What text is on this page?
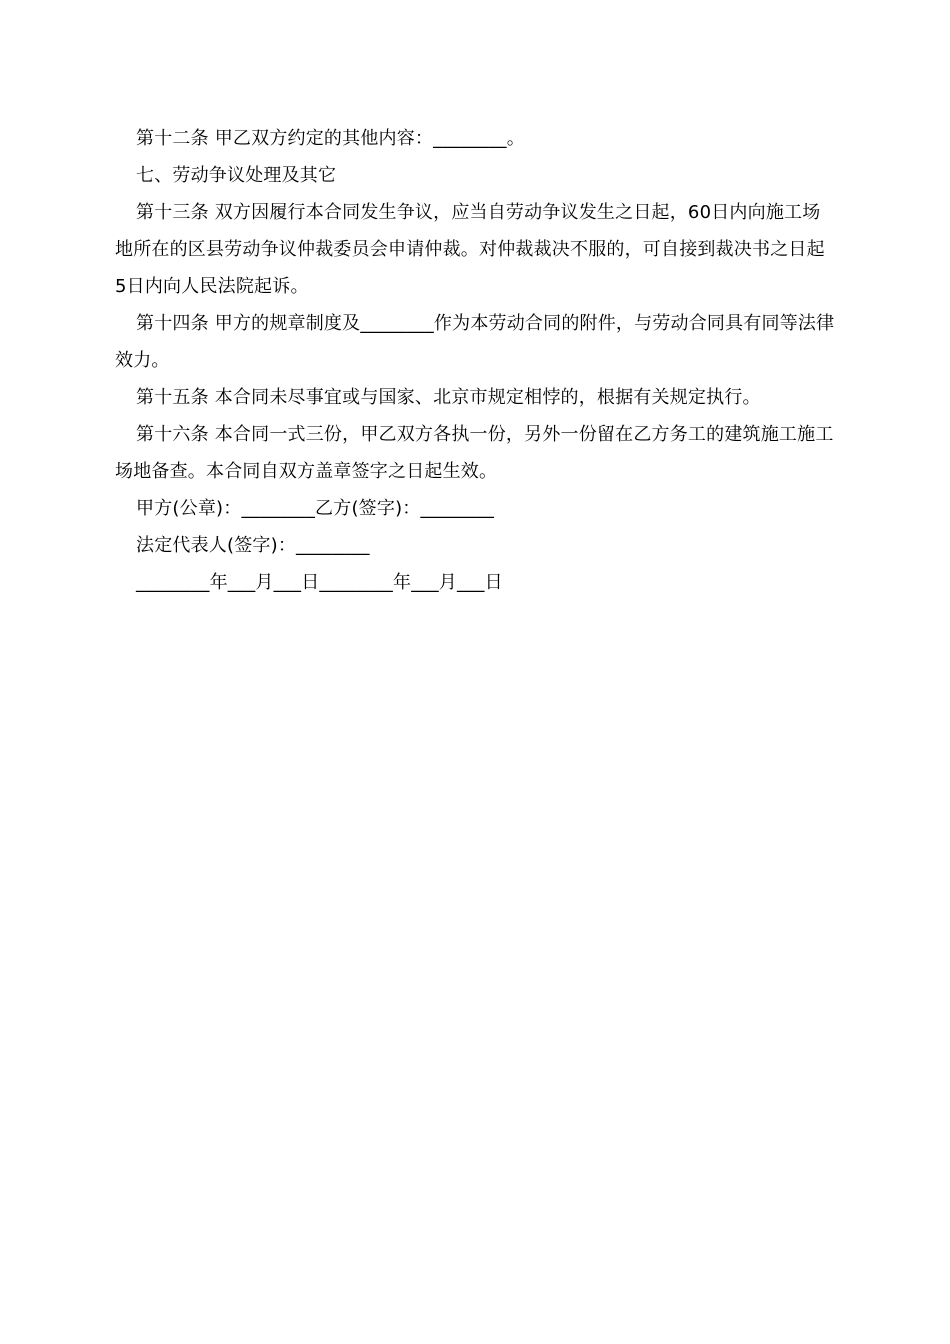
第十二条 甲乙双方约定的其他内容：________。

七、劳动争议处理及其它

第十三条 双方因履行本合同发生争议，应当自劳动争议发生之日起，60日内向施工场地所在的区县劳动争议仲裁委员会申请仲裁。对仲裁裁决不服的，可自接到裁决书之日起 5日内向人民法院起诉。

第十四条 甲方的规章制度及________作为本劳动合同的附件，与劳动合同具有同等法律效力。

第十五条 本合同未尽事宜或与国家、北京市规定相悖的，根据有关规定执行。

第十六条 本合同一式三份，甲乙双方各执一份，另外一份留在乙方务工的建筑施工施工场地备查。本合同自双方盖章签字之日起生效。

甲方(公章)：________乙方(签字)：________

法定代表人(签字)：________

________年___月___日________年___月___日
